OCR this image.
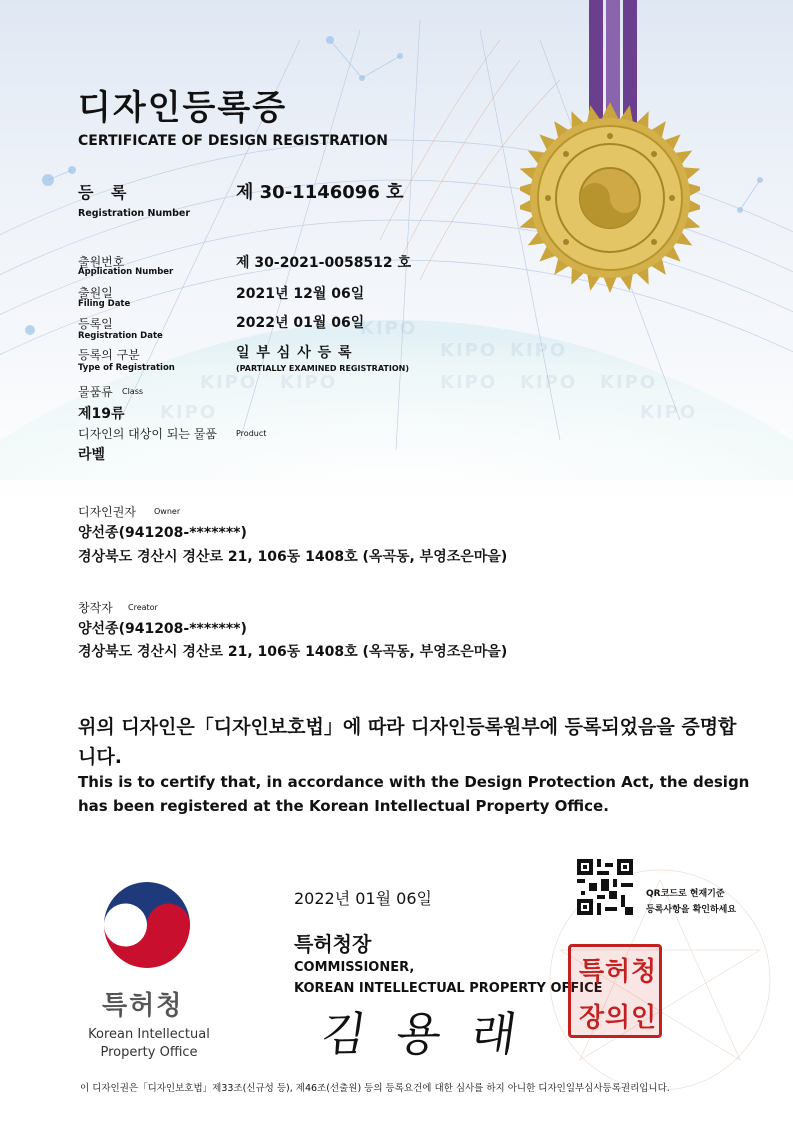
KIPO
KIPO KIPO
KIPO KIPO	KIPO KIPO KIPO
KIPO	KIPO
디자인등록증
CERTIFICATE OF DESIGN REGISTRATION
등 록
Registration Number
제 30-1146096 호
출원번호
Application Number
제 30-2021-0058512 호
출원일
Filing Date
2021년 12월 06일
등록일
Registration Date
2022년 01월 06일
등록의 구분
Type of Registration
일 부 심 사 등 록
(PARTIALLY EXAMINED REGISTRATION)
물품류 Class
제19류
디자인의 대상이 되는 물품 Product
라벨
디자인권자 Owner
양선종(941208-*******)
경상북도 경산시 경산로 21, 106동 1408호 (옥곡동, 부영조은마을)
창작자 Creator
양선종(941208-*******)
경상북도 경산시 경산로 21, 106동 1408호 (옥곡동, 부영조은마을)
위의 디자인은「디자인보호법」에 따라 디자인등록원부에 등록되었음을 증명합니다.
This is to certify that, in accordance with the Design Protection Act, the design has been registered at the Korean Intellectual Property Office.
특허청
Korean Intellectual
Property Office
2022년 01월 06일	QR코드로 현재기준
등록사항을 확인하세요
특허청장
COMMISSIONER,
KOREAN INTELLECTUAL PROPERTY OFFICE
특 허 청
장 의 인
김 용 래
이 디자인권은「디자인보호법」제33조(신규성 등), 제46조(선출원) 등의 등록요건에 대한 심사를 하지 아니한 디자인일부심사등록권리입니다.
